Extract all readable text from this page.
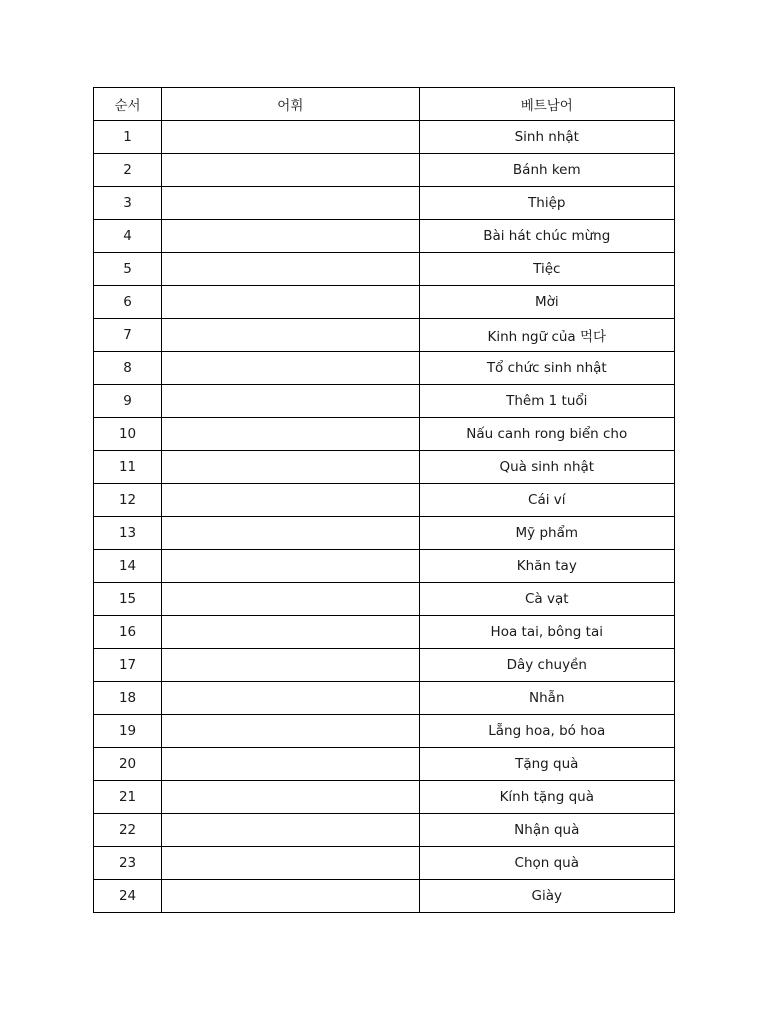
순서	어휘	베트남어
1		Sinh nhật
2		Bánh kem
3		Thiệp
4		Bài hát chúc mừng
5		Tiệc
6		Mời
7		Kinh ngữ của 먹다
8		Tổ chức sinh nhật
9		Thêm 1 tuổi
10		Nấu canh rong biển cho
11		Quà sinh nhật
12		Cái ví
13		Mỹ phẩm
14		Khăn tay
15		Cà vạt
16		Hoa tai, bông tai
17		Dây chuyền
18		Nhẫn
19		Lẵng hoa, bó hoa
20		Tặng quà
21		Kính tặng quà
22		Nhận quà
23		Chọn quà
24		Giày
